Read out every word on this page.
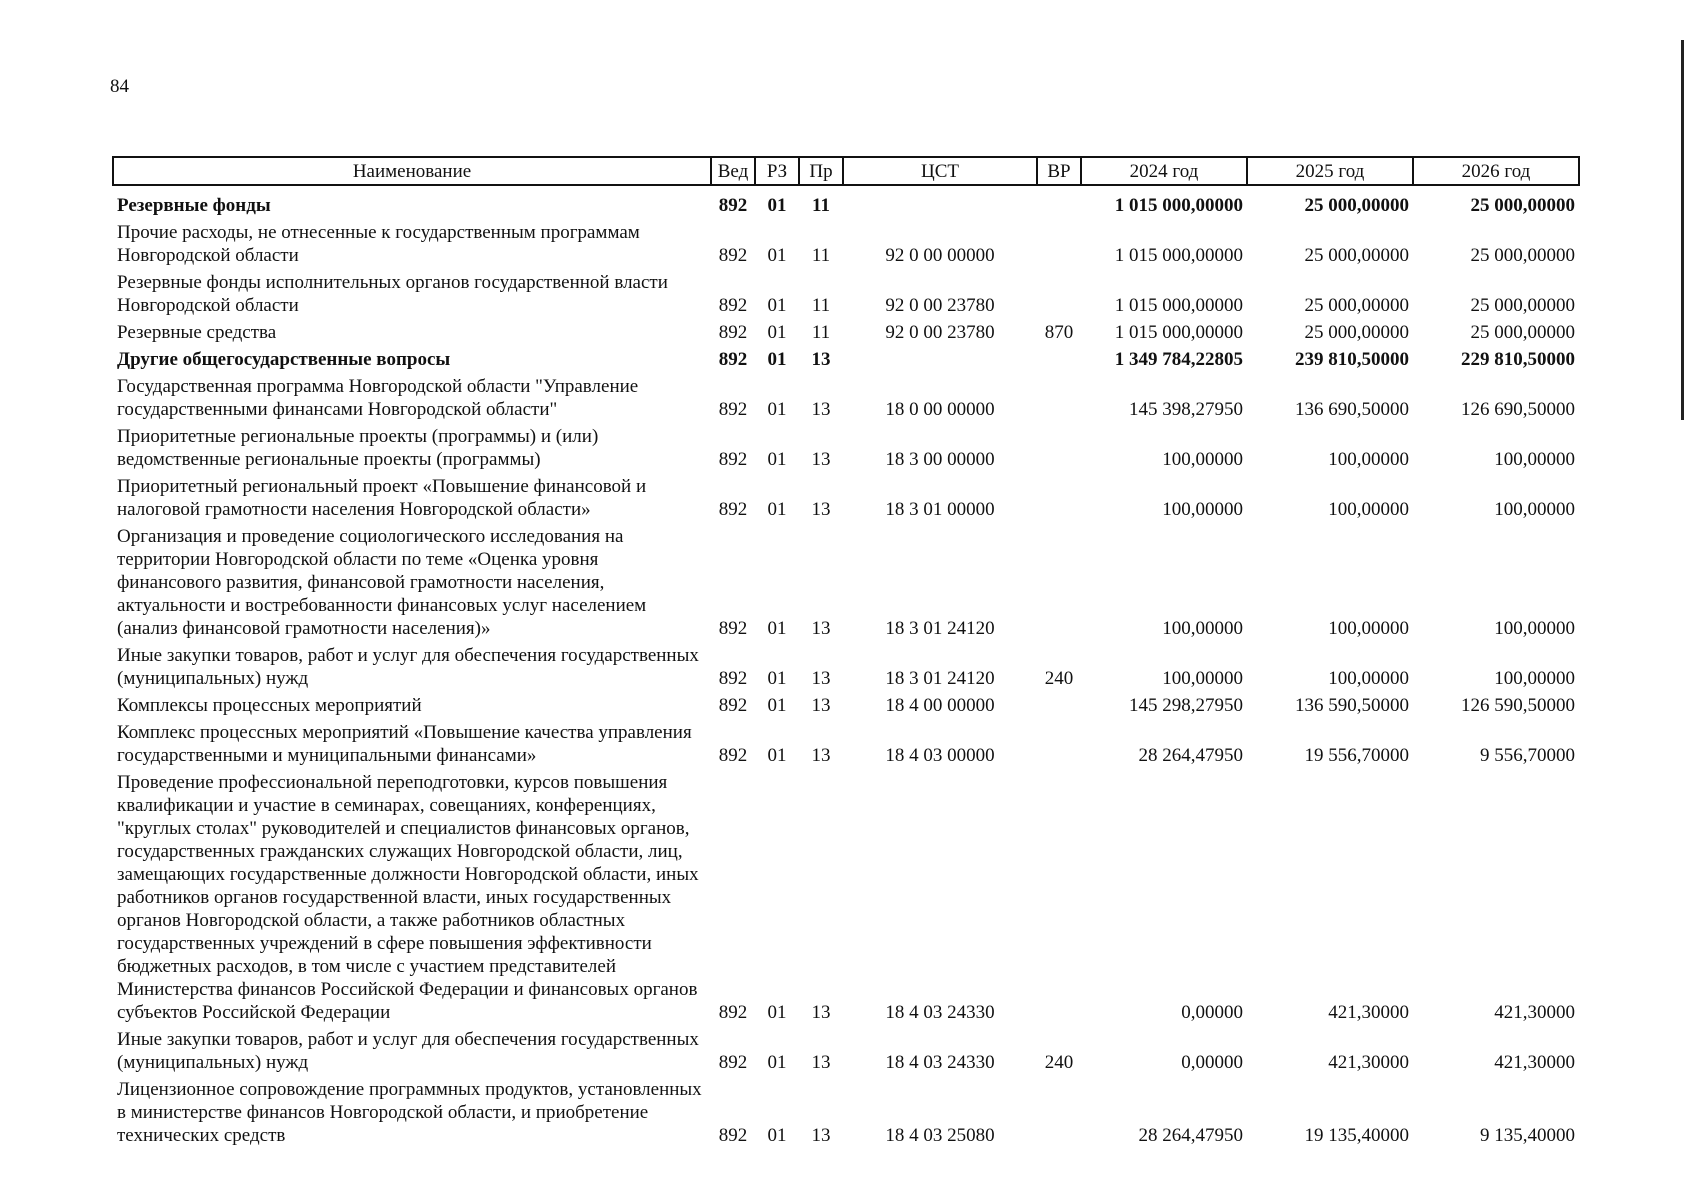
84
Наименование	Вед	РЗ	Пр	ЦСТ	ВР	2024 год	2025 год	2026 год
Резервные фонды	892	01	11			1 015 000,00000	25 000,00000	25 000,00000
Прочие расходы, не отнесенные к государственным программам Новгородской области	892	01	11	92 0 00 00000		1 015 000,00000	25 000,00000	25 000,00000
Резервные фонды исполнительных органов государственной власти Новгородской области	892	01	11	92 0 00 23780		1 015 000,00000	25 000,00000	25 000,00000
Резервные средства	892	01	11	92 0 00 23780	870	1 015 000,00000	25 000,00000	25 000,00000
Другие общегосударственные вопросы	892	01	13			1 349 784,22805	239 810,50000	229 810,50000
Государственная программа Новгородской области "Управление государственными финансами Новгородской области"	892	01	13	18 0 00 00000		145 398,27950	136 690,50000	126 690,50000
Приоритетные региональные проекты (программы) и (или) ведомственные региональные проекты (программы)	892	01	13	18 3 00 00000		100,00000	100,00000	100,00000
Приоритетный региональный проект «Повышение финансовой и налоговой грамотности населения Новгородской области»	892	01	13	18 3 01 00000		100,00000	100,00000	100,00000
Организация и проведение социологического исследования на территории Новгородской области по теме «Оценка уровня финансового развития, финансовой грамотности населения, актуальности и востребованности финансовых услуг населением (анализ финансовой грамотности населения)»	892	01	13	18 3 01 24120		100,00000	100,00000	100,00000
Иные закупки товаров, работ и услуг для обеспечения государственных (муниципальных) нужд	892	01	13	18 3 01 24120	240	100,00000	100,00000	100,00000
Комплексы процессных мероприятий	892	01	13	18 4 00 00000		145 298,27950	136 590,50000	126 590,50000
Комплекс процессных мероприятий «Повышение качества управления государственными и муниципальными финансами»	892	01	13	18 4 03 00000		28 264,47950	19 556,70000	9 556,70000
Проведение профессиональной переподготовки, курсов повышения квалификации и участие в семинарах, совещаниях, конференциях, "круглых столах" руководителей и специалистов финансовых органов, государственных гражданских служащих Новгородской области, лиц, замещающих государственные должности Новгородской области, иных работников органов государственной власти, иных государственных органов Новгородской области, а также работников областных государственных учреждений в сфере повышения эффективности бюджетных расходов, в том числе с участием представителей Министерства финансов Российской Федерации и финансовых органов субъектов Российской Федерации	892	01	13	18 4 03 24330		0,00000	421,30000	421,30000
Иные закупки товаров, работ и услуг для обеспечения государственных (муниципальных) нужд	892	01	13	18 4 03 24330	240	0,00000	421,30000	421,30000
Лицензионное сопровождение программных продуктов, установленных в министерстве финансов Новгородской области, и приобретение технических средств	892	01	13	18 4 03 25080		28 264,47950	19 135,40000	9 135,40000
